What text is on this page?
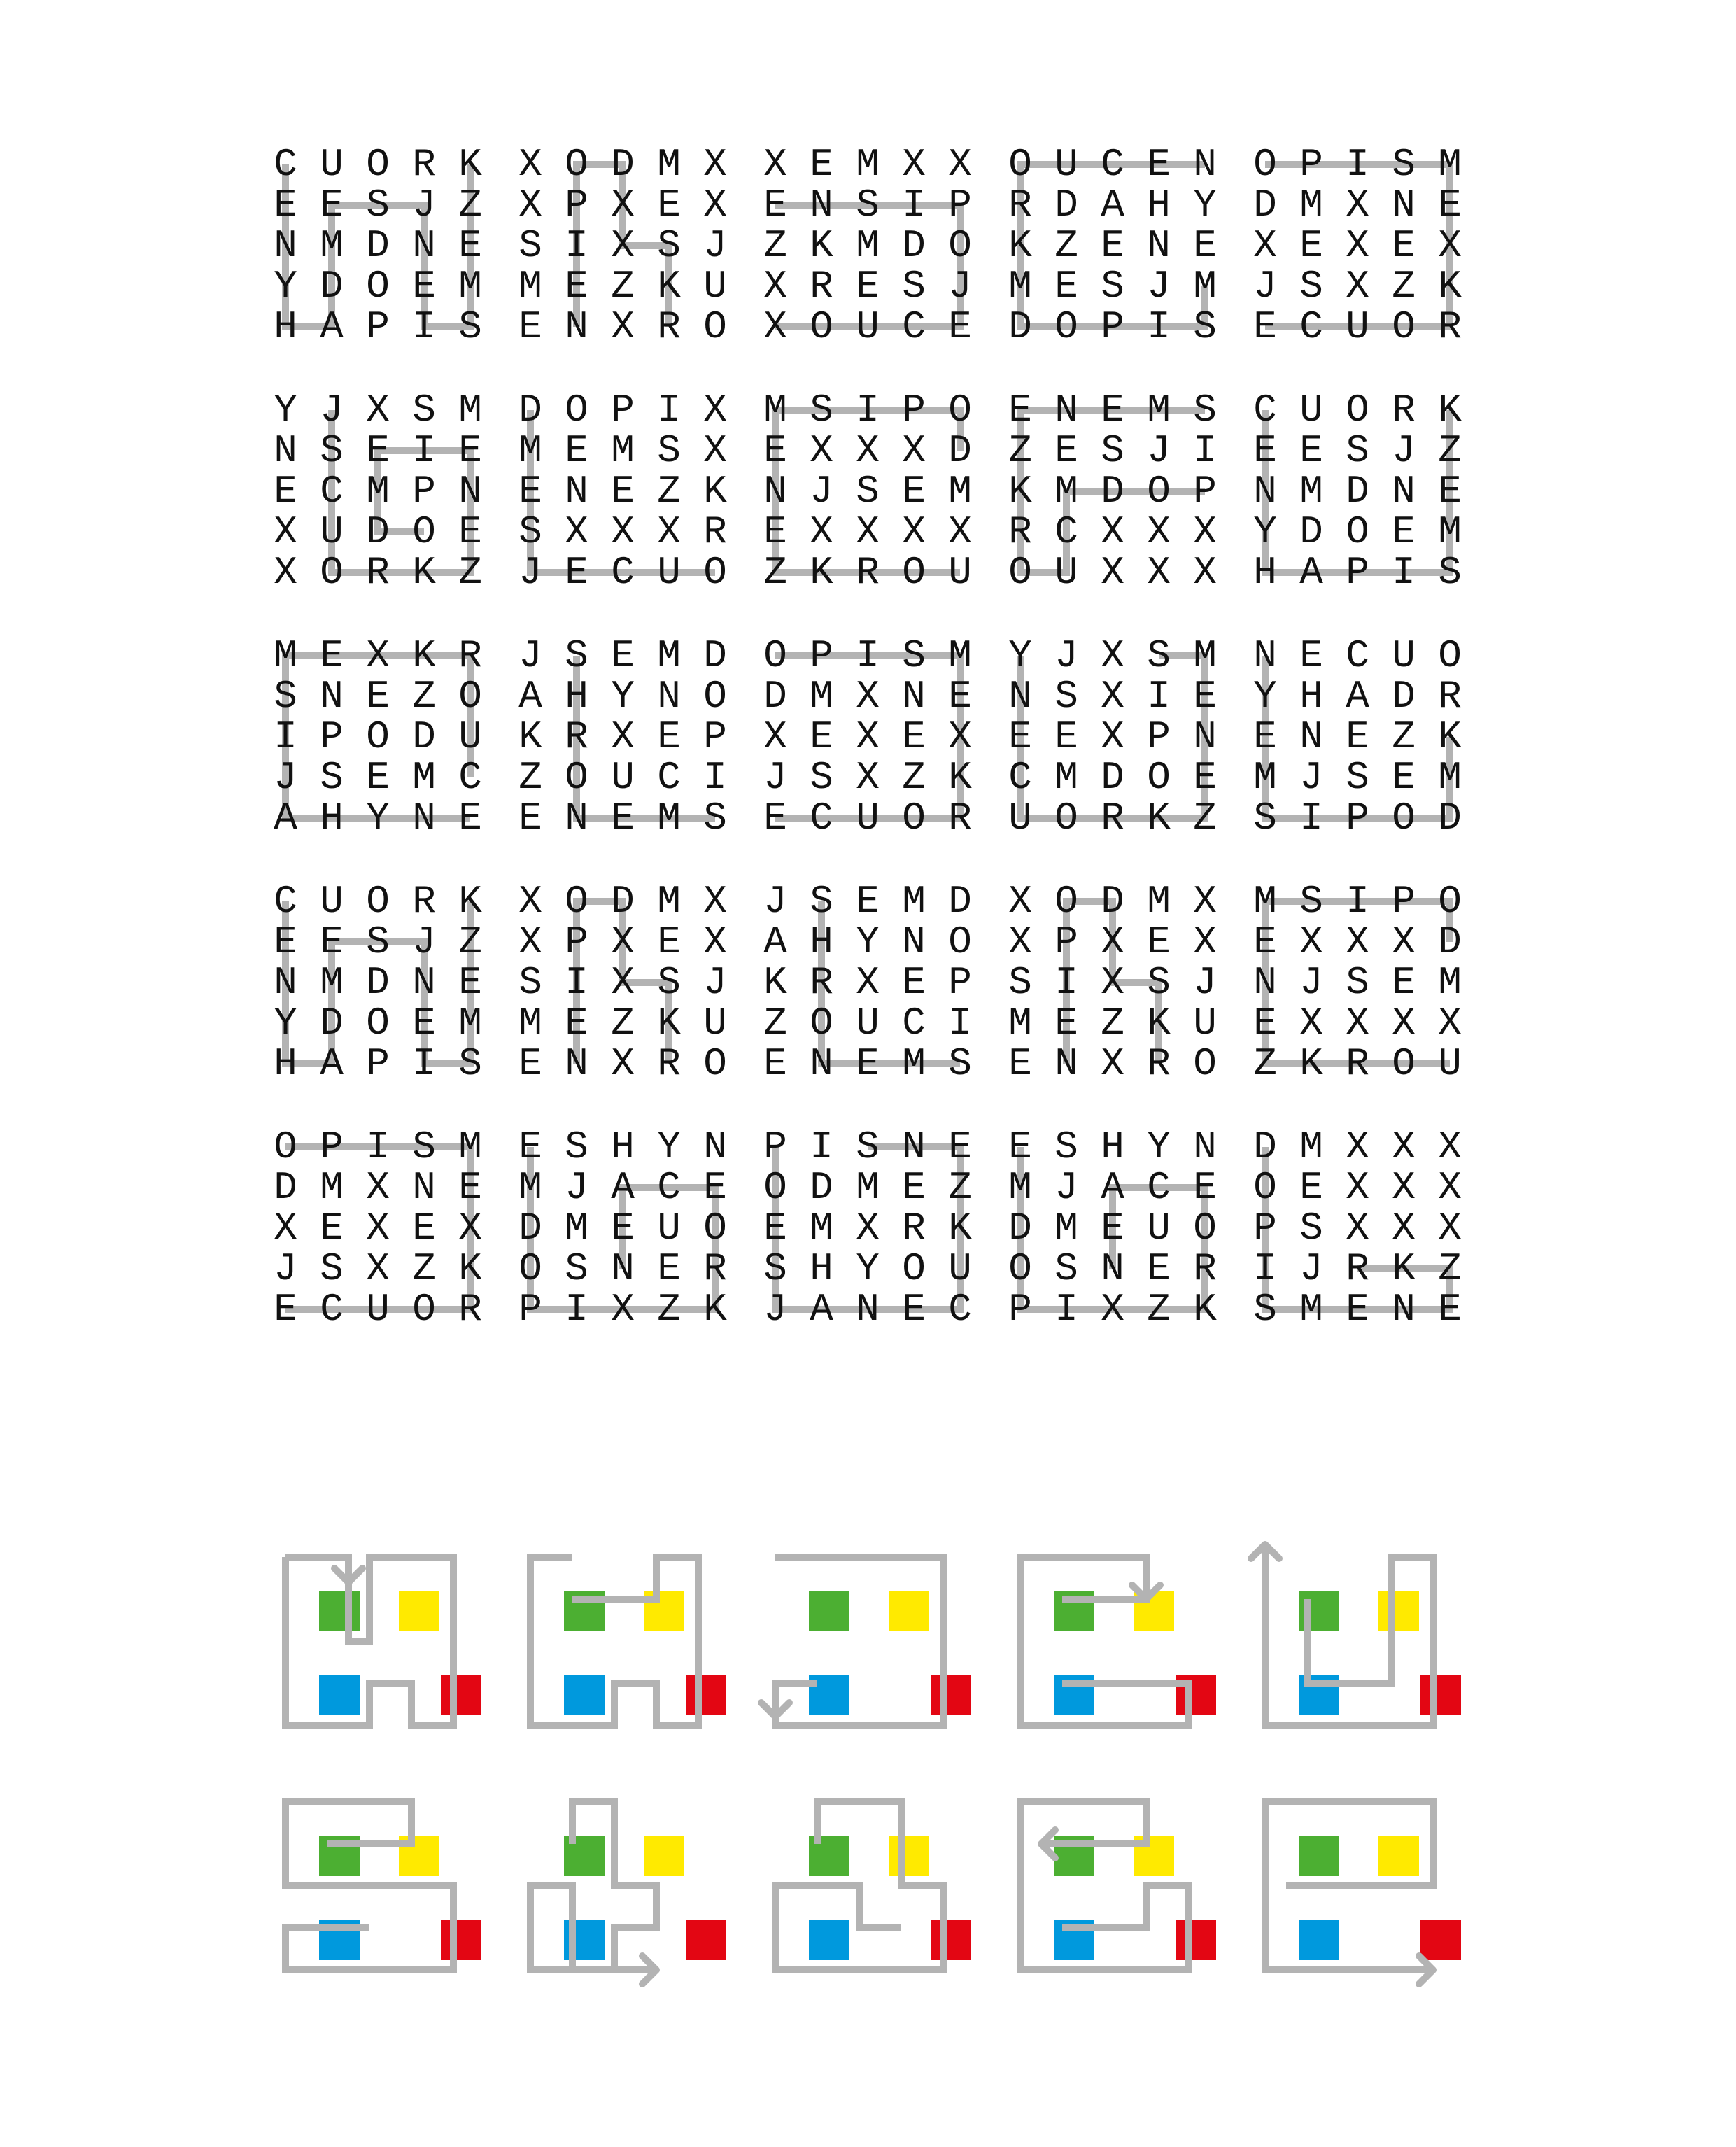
C U O R K
E E S J Z
N M D N E
Y D O E M
H A P I S
X O D M X
X P X E X
S I X S J
M E Z K U
E N X R O
X E M X X
E N S I P
Z K M D O
X R E S J
X O U C E
O U C E N
R D A H Y
K Z E N E
M E S J M
D O P I S
O P I S M
D M X N E
X E X E X
J S X Z K
E C U O R
Y J X S M
N S E I E
E C M P N
X U D O E
X O R K Z
D O P I X
M E M S X
E N E Z K
S X X X R
J E C U O
M S I P O
E X X X D
N J S E M
E X X X X
Z K R O U
E N E M S
Z E S J I
K M D O P
R C X X X
O U X X X
C U O R K
E E S J Z
N M D N E
Y D O E M
H A P I S
M E X K R
S N E Z O
I P O D U
J S E M C
A H Y N E
J S E M D
A H Y N O
K R X E P
Z O U C I
E N E M S
O P I S M
D M X N E
X E X E X
J S X Z K
E C U O R
Y J X S M
N S X I E
E E X P N
C M D O E
U O R K Z
N E C U O
Y H A D R
E N E Z K
M J S E M
S I P O D
C U O R K
E E S J Z
N M D N E
Y D O E M
H A P I S
X O D M X
X P X E X
S I X S J
M E Z K U
E N X R O
J S E M D
A H Y N O
K R X E P
Z O U C I
E N E M S
X O D M X
X P X E X
S I X S J
M E Z K U
E N X R O
M S I P O
E X X X D
N J S E M
E X X X X
Z K R O U
O P I S M
D M X N E
X E X E X
J S X Z K
E C U O R
E S H Y N
M J A C E
D M E U O
O S N E R
P I X Z K
P I S N E
O D M E Z
E M X R K
S H Y O U
J A N E C
E S H Y N
M J A C E
D M E U O
O S N E R
P I X Z K
D M X X X
O E X X X
P S X X X
I J R K Z
S M E N E
